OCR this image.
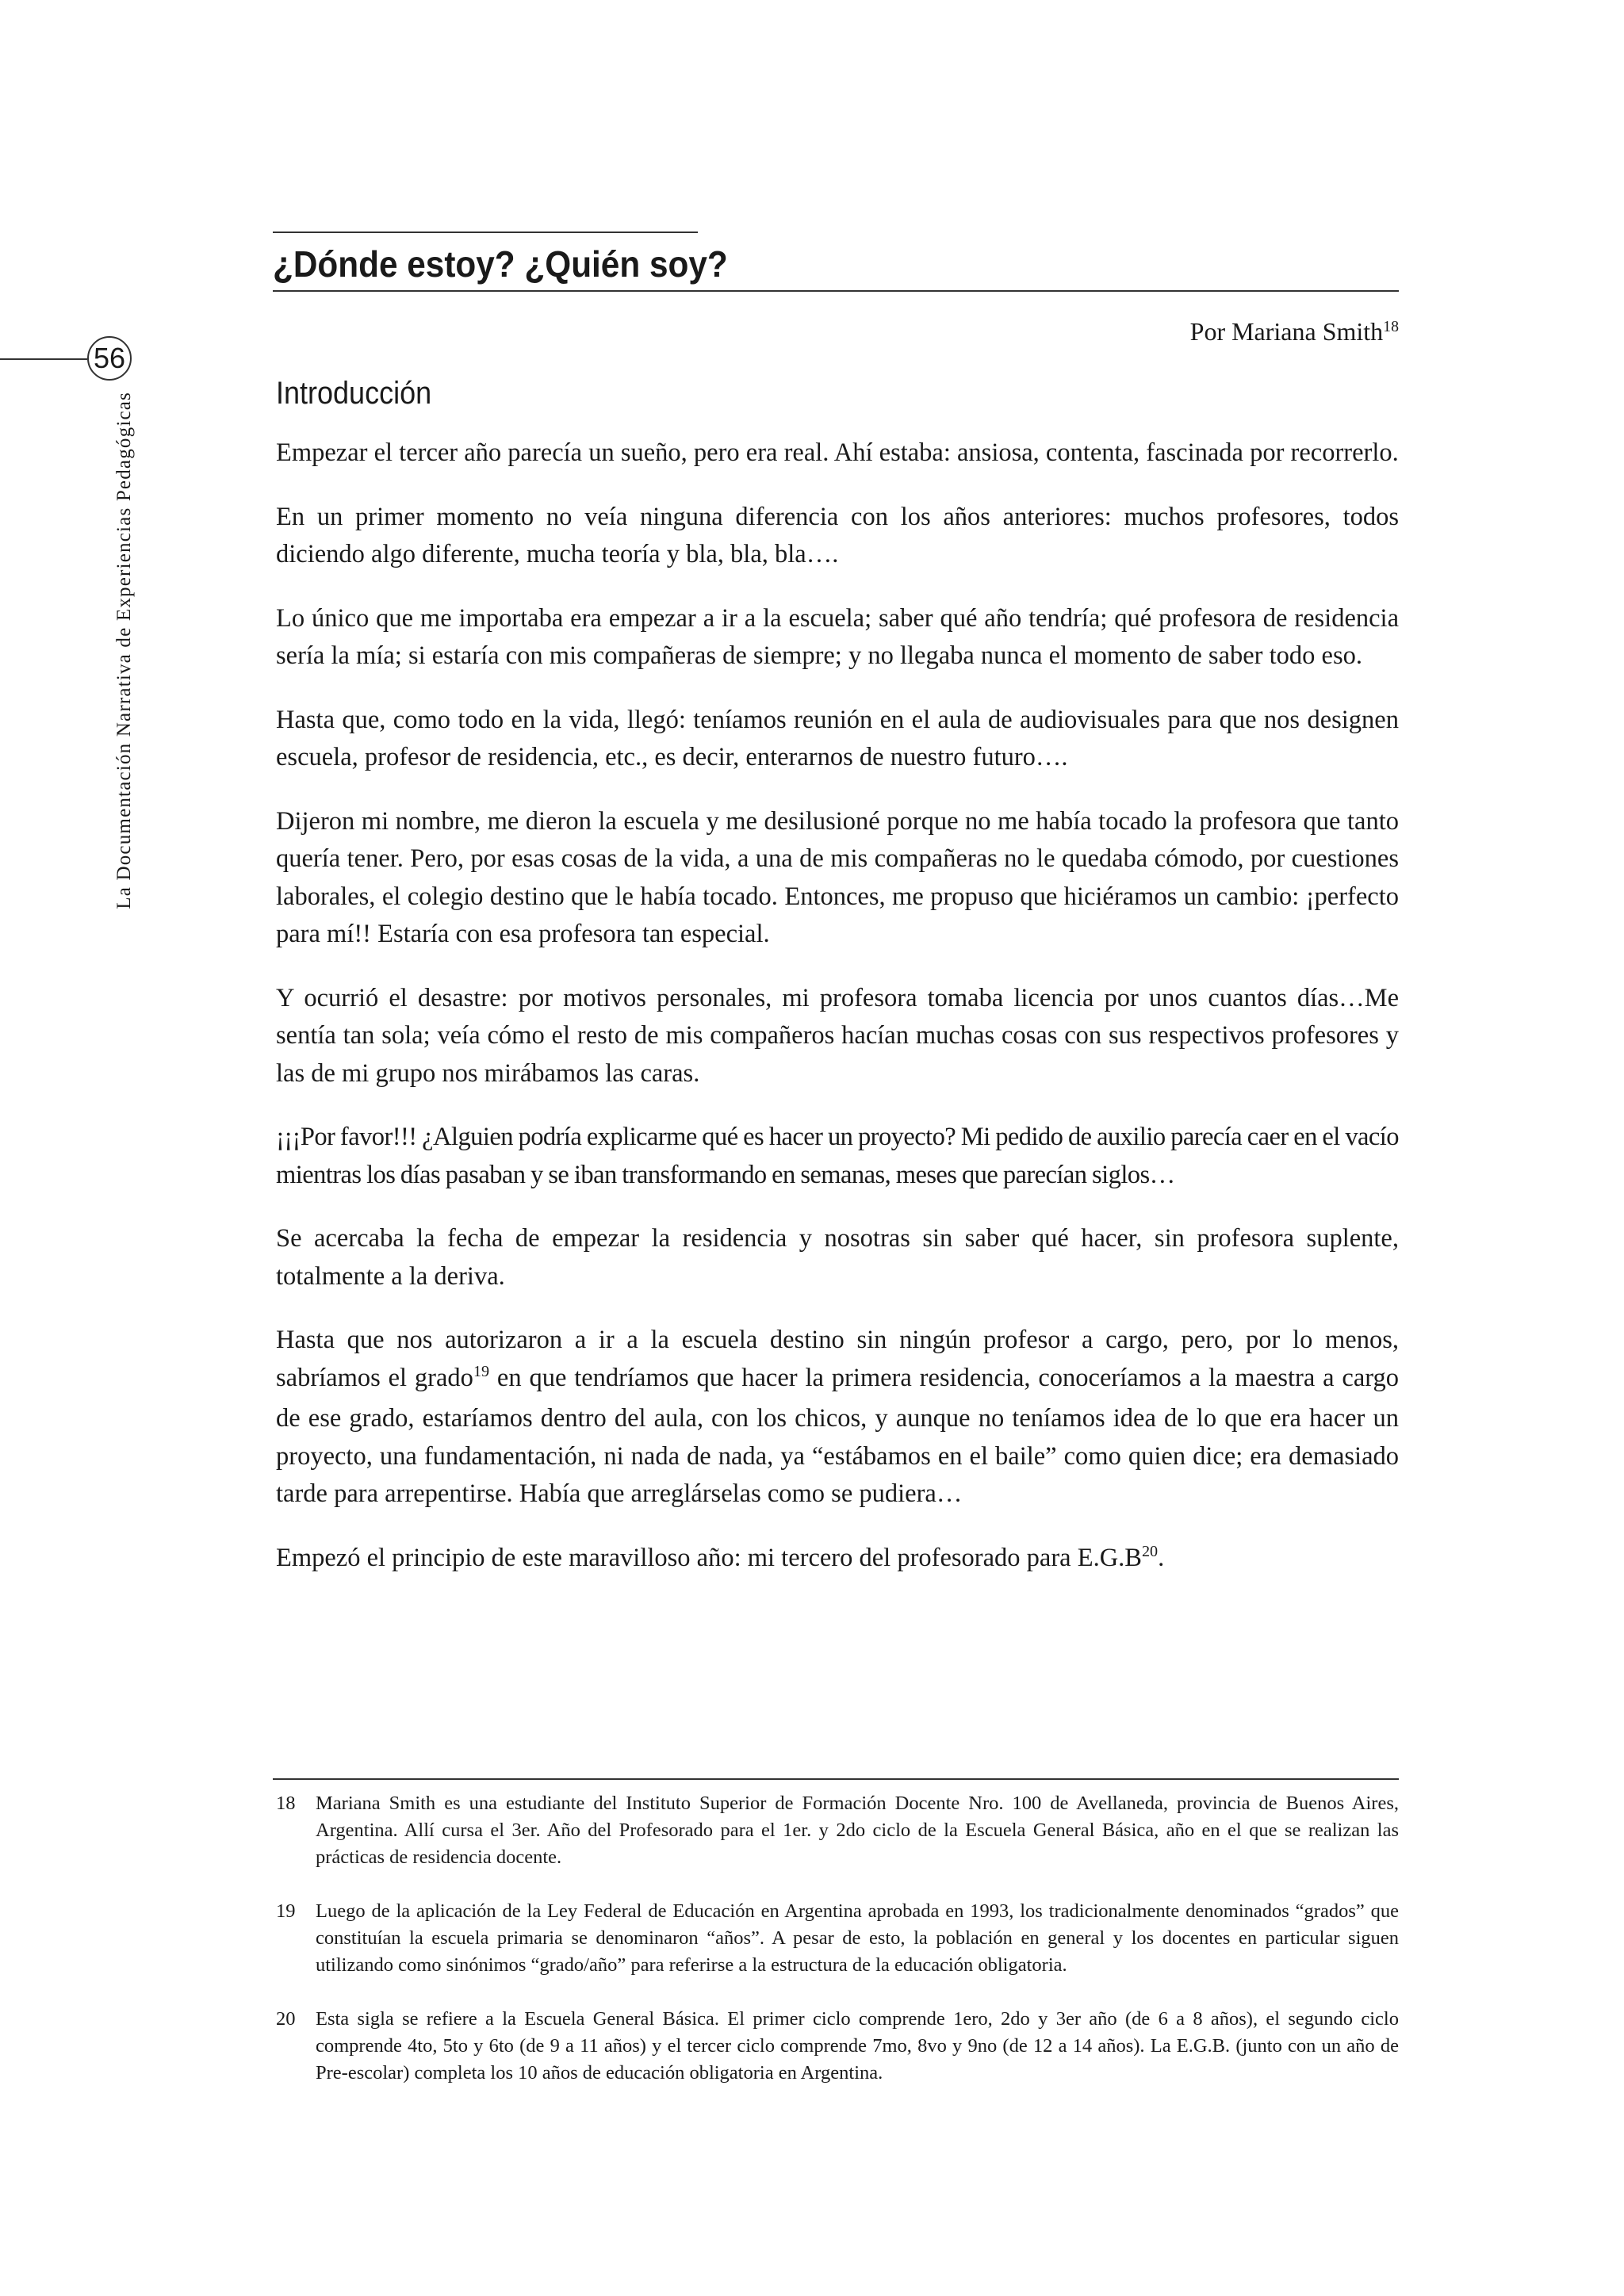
56
La Documentación Narrativa de Experiencias Pedagógicas
¿Dónde estoy? ¿Quién soy?
Por Mariana Smith$^{18}$
Introducción

Empezar el tercer año parecía un sueño, pero era real. Ahí estaba: ansiosa, contenta, fascinada por recorrerlo.

En un primer momento no veía ninguna diferencia con los años anteriores: muchos profesores, todos diciendo algo diferente, mucha teoría y bla, bla, bla….

Lo único que me importaba era empezar a ir a la escuela; saber qué año tendría; qué profesora de residencia sería la mía; si estaría con mis compañeras de siempre; y no llegaba nunca el momento de saber todo eso.

Hasta que, como todo en la vida, llegó: teníamos reunión en el aula de audiovisuales para que nos designen escuela, profesor de residencia, etc., es decir, enterarnos de nuestro futuro….

Dijeron mi nombre, me dieron la escuela y me desilusioné porque no me había tocado la profesora que tanto quería tener. Pero, por esas cosas de la vida, a una de mis compañeras no le quedaba cómodo, por cuestiones laborales, el colegio destino que le había tocado. Entonces, me propuso que hiciéramos un cambio: ¡perfecto para mí!! Estaría con esa profesora tan especial.

Y ocurrió el desastre: por motivos personales, mi profesora tomaba licencia por unos cuantos días…Me sentía tan sola; veía cómo el resto de mis compañeros hacían muchas cosas con sus respectivos profesores y las de mi grupo nos mirábamos las caras.

¡¡¡Por favor!!! ¿Alguien podría explicarme qué es hacer un proyecto? Mi pedido de auxilio parecía caer en el vacío mientras los días pasaban y se iban transformando en semanas, meses que parecían siglos…

Se acercaba la fecha de empezar la residencia y nosotras sin saber qué hacer, sin profesora suplente, totalmente a la deriva.

Hasta que nos autorizaron a ir a la escuela destino sin ningún profesor a cargo, pero, por lo menos, sabríamos el grado$^{19}$ en que tendríamos que hacer la primera residencia, conoceríamos a la maestra a cargo de ese grado, estaríamos dentro del aula, con los chicos, y aunque no teníamos idea de lo que era hacer un proyecto, una fundamentación, ni nada de nada, ya “estábamos en el baile” como quien dice; era demasiado tarde para arrepentirse. Había que arreglárselas como se pudiera…

Empezó el principio de este maravilloso año: mi tercero del profesorado para $E.G.B^{20}$.

18	Mariana Smith es una estudiante del Instituto Superior de Formación Docente Nro. 100 de Avellaneda, provincia de Buenos Aires, Argentina. Allí cursa el 3er. Año del Profesorado para el 1er. y 2do ciclo de la Escuela General Básica, año en el que se realizan las prácticas de residencia docente.
19	Luego de la aplicación de la Ley Federal de Educación en Argentina aprobada en 1993, los tradicionalmente denominados “grados” que constituían la escuela primaria se denominaron “años”. A pesar de esto, la población en general y los docentes en particular siguen utilizando como sinónimos “grado/año” para referirse a la estructura de la educación obligatoria.
20	Esta sigla se refiere a la Escuela General Básica. El primer ciclo comprende 1ero, 2do y 3er año (de 6 a 8 años), el segundo ciclo comprende 4to, 5to y 6to (de 9 a 11 años) y el tercer ciclo comprende 7mo, 8vo y 9no (de 12 a 14 años). La E.G.B. (junto con un año de Pre-escolar) completa los 10 años de educación obligatoria en Argentina.
